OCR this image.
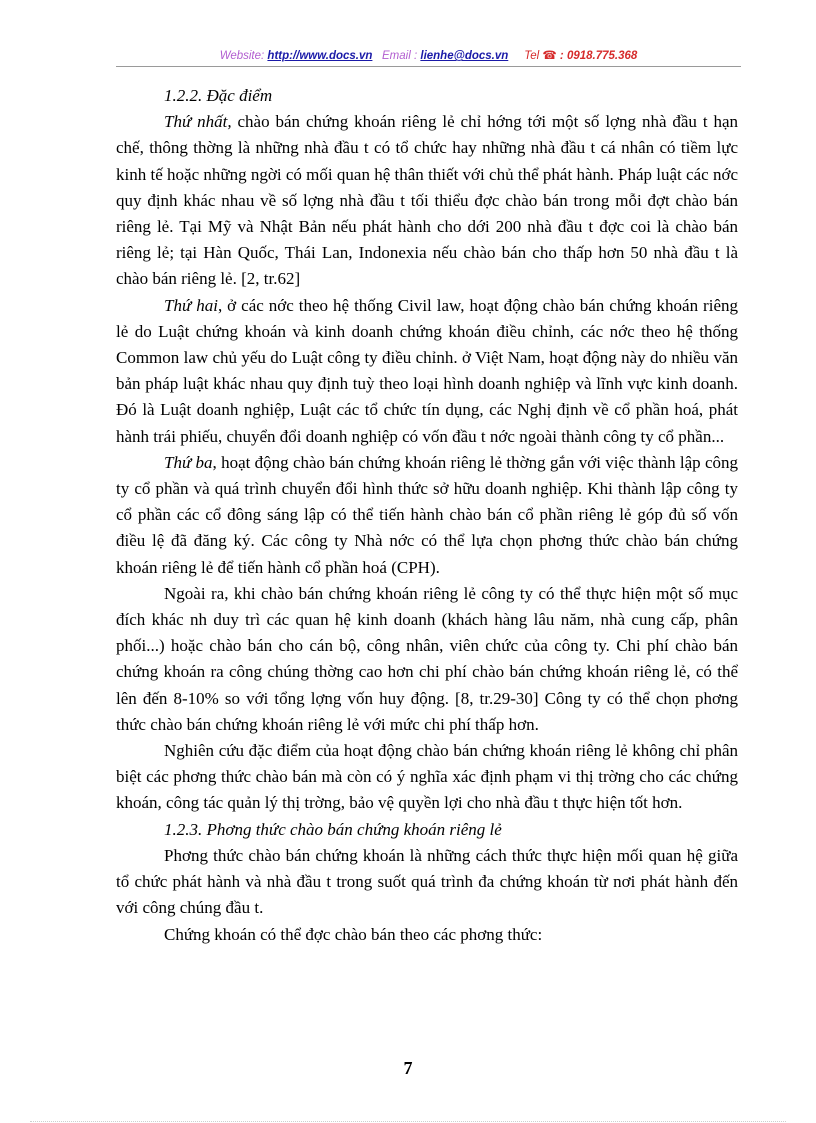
Website: http://www.docs.vn Email : lienhe@docs.vn Tel ☎ : 0918.775.368

1.2.2. Đặc điểm

Thứ nhất, chào bán chứng khoán riêng lẻ chỉ hớng tới một số lợng nhà đầu t hạn chế, thông thờng là những nhà đầu t có tổ chức hay những nhà đầu t cá nhân có tiềm lực kinh tế hoặc những ngời có mối quan hệ thân thiết với chủ thể phát hành. Pháp luật các nớc quy định khác nhau về số lợng nhà đầu t tối thiểu đợc chào bán trong mỗi đợt chào bán riêng lẻ. Tại Mỹ và Nhật Bản nếu phát hành cho dới 200 nhà đầu t đợc coi là chào bán riêng lẻ; tại Hàn Quốc, Thái Lan, Indonexia nếu chào bán cho thấp hơn 50 nhà đầu t là chào bán riêng lẻ. [2, tr.62]

Thứ hai, ở các nớc theo hệ thống Civil law, hoạt động chào bán chứng khoán riêng lẻ do Luật chứng khoán và kinh doanh chứng khoán điều chỉnh, các nớc theo hệ thống Common law chủ yếu do Luật công ty điều chỉnh. ở Việt Nam, hoạt động này do nhiều văn bản pháp luật khác nhau quy định tuỳ theo loại hình doanh nghiệp và lĩnh vực kinh doanh. Đó là Luật doanh nghiệp, Luật các tổ chức tín dụng, các Nghị định về cổ phần hoá, phát hành trái phiếu, chuyển đổi doanh nghiệp có vốn đầu t nớc ngoài thành công ty cổ phần...

Thứ ba, hoạt động chào bán chứng khoán riêng lẻ thờng gắn với việc thành lập công ty cổ phần và quá trình chuyển đổi hình thức sở hữu doanh nghiệp. Khi thành lập công ty cổ phần các cổ đông sáng lập có thể tiến hành chào bán cổ phần riêng lẻ góp đủ số vốn điều lệ đã đăng ký. Các công ty Nhà nớc có thể lựa chọn phơng thức chào bán chứng khoán riêng lẻ để tiến hành cổ phần hoá (CPH).

Ngoài ra, khi chào bán chứng khoán riêng lẻ công ty có thể thực hiện một số mục đích khác nh duy trì các quan hệ kinh doanh (khách hàng lâu năm, nhà cung cấp, phân phối...) hoặc chào bán cho cán bộ, công nhân, viên chức của công ty. Chi phí chào bán chứng khoán ra công chúng thờng cao hơn chi phí chào bán chứng khoán riêng lẻ, có thể lên đến 8-10% so với tổng lợng vốn huy động. [8, tr.29-30] Công ty có thể chọn phơng thức chào bán chứng khoán riêng lẻ với mức chi phí thấp hơn.

Nghiên cứu đặc điểm của hoạt động chào bán chứng khoán riêng lẻ không chỉ phân biệt các phơng thức chào bán mà còn có ý nghĩa xác định phạm vi thị trờng cho các chứng khoán, công tác quản lý thị trờng, bảo vệ quyền lợi cho nhà đầu t thực hiện tốt hơn.

1.2.3. Phơng thức chào bán chứng khoán riêng lẻ

Phơng thức chào bán chứng khoán là những cách thức thực hiện mối quan hệ giữa tổ chức phát hành và nhà đầu t trong suốt quá trình đa chứng khoán từ nơi phát hành đến với công chúng đầu t.

Chứng khoán có thể đợc chào bán theo các phơng thức:

7
